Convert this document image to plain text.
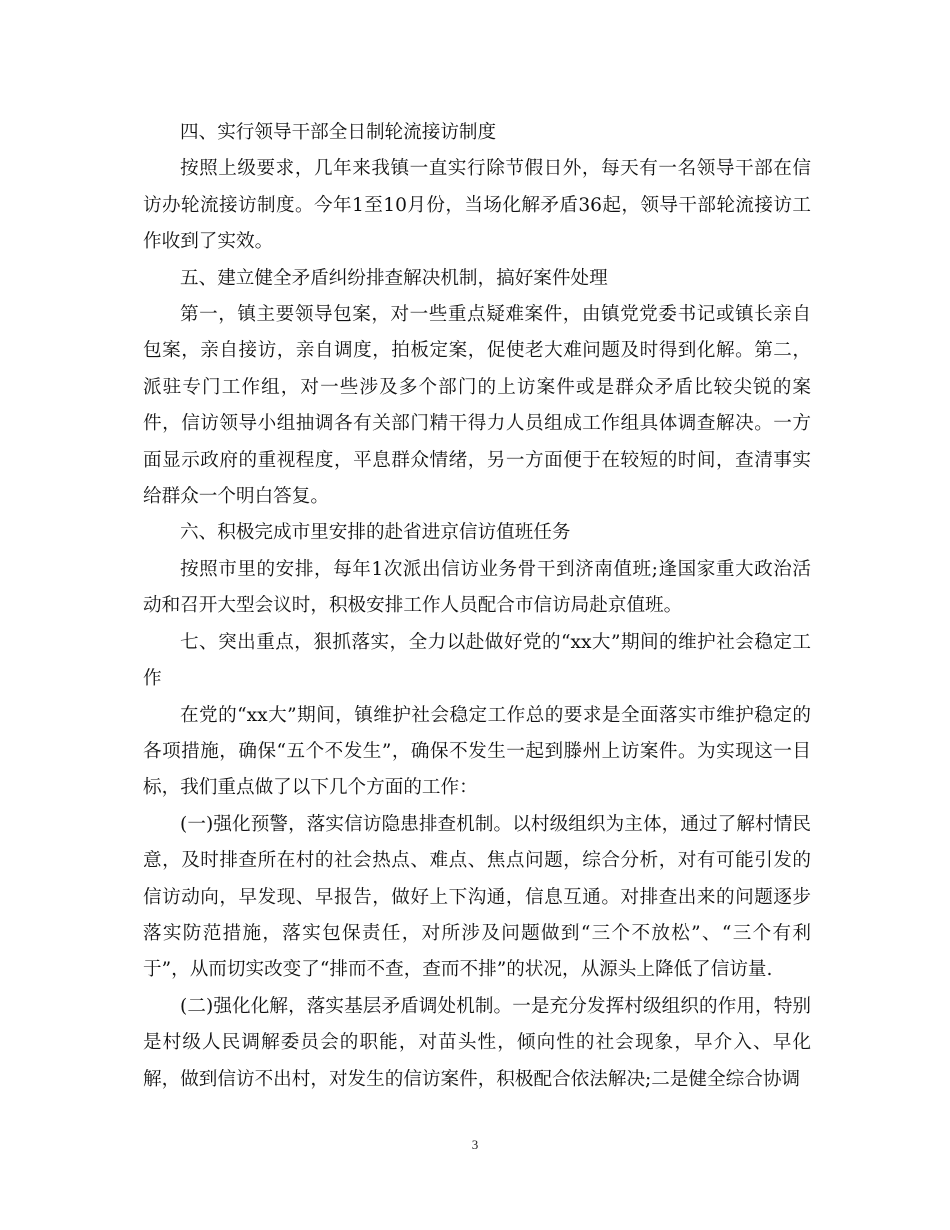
四、实行领导干部全日制轮流接访制度

按照上级要求，几年来我镇一直实行除节假日外，每天有一名领导干部在信访办轮流接访制度。今年1至10月份，当场化解矛盾36起，领导干部轮流接访工作收到了实效。

五、建立健全矛盾纠纷排查解决机制，搞好案件处理

第一，镇主要领导包案，对一些重点疑难案件，由镇党党委书记或镇长亲自包案，亲自接访，亲自调度，拍板定案，促使老大难问题及时得到化解。第二，派驻专门工作组，对一些涉及多个部门的上访案件或是群众矛盾比较尖锐的案件，信访领导小组抽调各有关部门精干得力人员组成工作组具体调查解决。一方面显示政府的重视程度，平息群众情绪，另一方面便于在较短的时间，查清事实给群众一个明白答复。

六、积极完成市里安排的赴省进京信访值班任务

按照市里的安排，每年1次派出信访业务骨干到济南值班;逢国家重大政治活动和召开大型会议时，积极安排工作人员配合市信访局赴京值班。

七、突出重点，狠抓落实，全力以赴做好党的“xx大”期间的维护社会稳定工作

在党的“xx大”期间，镇维护社会稳定工作总的要求是全面落实市维护稳定的各项措施，确保“五个不发生”，确保不发生一起到滕州上访案件。为实现这一目标，我们重点做了以下几个方面的工作：

(一)强化预警，落实信访隐患排查机制。以村级组织为主体，通过了解村情民意，及时排查所在村的社会热点、难点、焦点问题，综合分析，对有可能引发的信访动向，早发现、早报告，做好上下沟通，信息互通。对排查出来的问题逐步落实防范措施，落实包保责任，对所涉及问题做到“三个不放松”、“三个有利于”，从而切实改变了“排而不查，查而不排”的状况，从源头上降低了信访量.

(二)强化化解，落实基层矛盾调处机制。一是充分发挥村级组织的作用，特别是村级人民调解委员会的职能，对苗头性，倾向性的社会现象，早介入、早化解，做到信访不出村，对发生的信访案件，积极配合依法解决;二是健全综合协调

3
